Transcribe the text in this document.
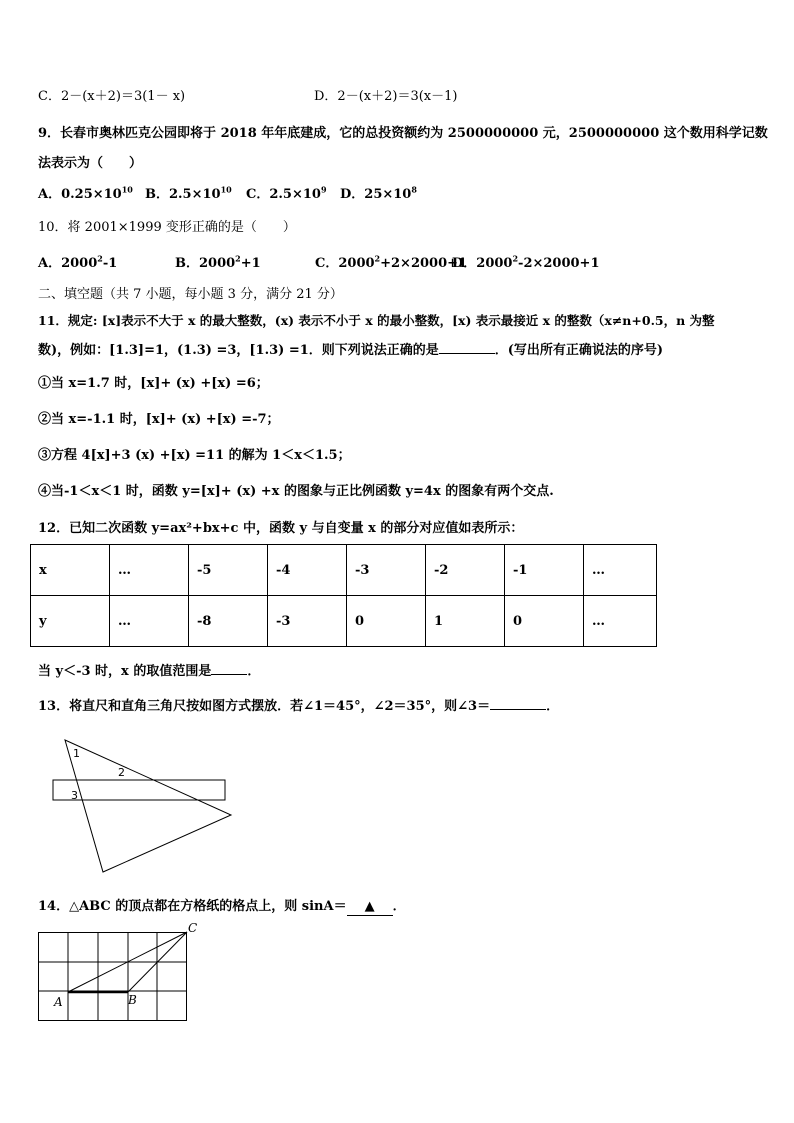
C．2－(x＋2)＝3(1－ x)	D．2－(x＋2)＝3(x－1)
9．长春市奥林匹克公园即将于 2018 年年底建成，它的总投资额约为 2500000000 元，2500000000 这个数用科学记数
法表示为（　　）
A．$0.25\times 10^{10}$ B．$2.5\times 10^{10}$ C．$2.5\times 10^9$ D．$25\times 10^8$
10．将 2001×1999 变形正确的是（　　）
A．2000$^2$-1	B．$2000^2+1$	C．$2000^2+2\times 2000+1$
D．$2000^2-2\times 2000+1$
二、填空题（共 7 小题，每小题 3 分，满分 21 分）
11．规定: [x]表示不大于 x 的最大整数，(x) 表示不小于 x 的最小整数，[x) 表示最接近 x 的整数（x≠n+0.5，n 为整
数)，例如：[1.3]=1，(1.3) =3，[1.3) =1．则下列说法正确的是	．(写出所有正确说法的序号)
①当 x=1.7 时，[x]+ (x) +[x) =6；
②当 x=-1.1 时，[x]+ (x) +[x) =-7；
③方程 4[x]+3 (x) +[x) =11 的解为 1＜x＜1.5；
④当-1＜x＜1 时，函数 y=[x]+ (x) +x 的图象与正比例函数 y=4x 的图象有两个交点.
12．已知二次函数 y=ax²+bx+c 中，函数 y 与自变量 x 的部分对应值如表所示：
x	…	-5	-4	-3	-2	-1	…
y	…	-8	-3	0	1	0	…
当 y＜-3 时，x 的取值范围是	．
13．将直尺和直角三角尺按如图方式摆放．若∠1＝45°，∠2＝35°，则∠3＝	．
1
2
3
14．△ABC 的顶点都在方格纸的格点上，则 sinA＝ ▲ ．
A	B
C
